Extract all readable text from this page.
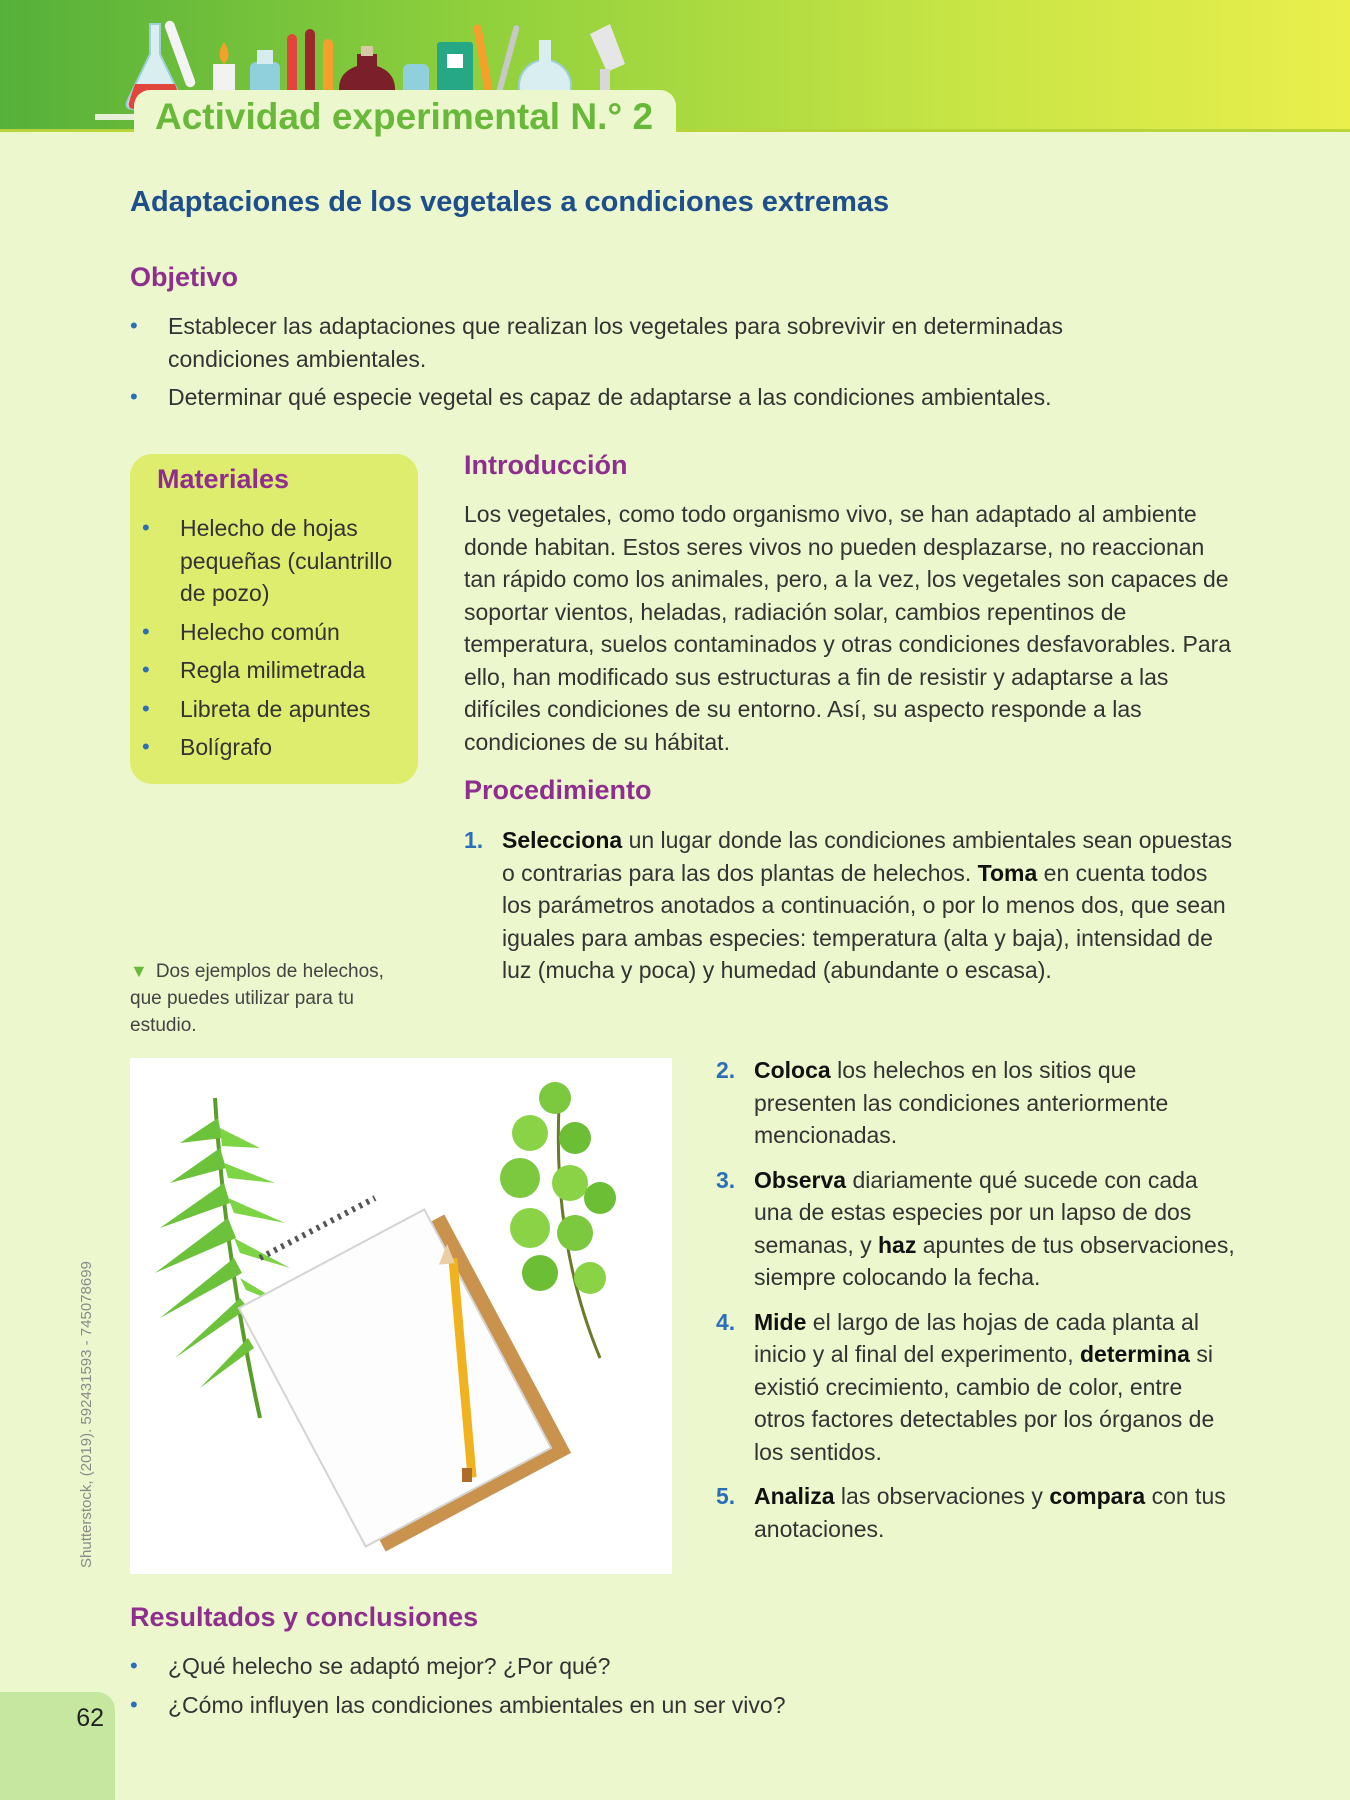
Actividad experimental N.° 2
Adaptaciones de los vegetales a condiciones extremas
Objetivo
• Establecer las adaptaciones que realizan los vegetales para sobrevivir en determinadas condiciones ambientales.
• Determinar qué especie vegetal es capaz de adaptarse a las condiciones ambientales.
Materiales
• Helecho de hojas pequeñas (culantrillo de pozo)
• Helecho común
• Regla milimetrada
• Libreta de apuntes
• Bolígrafo
Introducción

Los vegetales, como todo organismo vivo, se han adaptado al ambiente donde habitan. Estos seres vivos no pueden desplazarse, no reaccionan tan rápido como los animales, pero, a la vez, los vegetales son capaces de soportar vientos, heladas, radiación solar, cambios repentinos de temperatura, suelos contaminados y otras condiciones desfavorables. Para ello, han modificado sus estructuras a fin de resistir y adaptarse a las difíciles condiciones de su entorno. Así, su aspecto responde a las condiciones de su hábitat.

Procedimiento
1. Selecciona un lugar donde las condiciones ambientales sean opuestas o contrarias para las dos plantas de helechos. Toma en cuenta todos los parámetros anotados a continuación, o por lo menos dos, que sean iguales para ambas especies: temperatura (alta y baja), intensidad de luz (mucha y poca) y humedad (abundante o escasa).
2. Coloca los helechos en los sitios que presenten las condiciones anteriormente mencionadas.
3. Observa diariamente qué sucede con cada una de estas especies por un lapso de dos semanas, y haz apuntes de tus observaciones, siempre colocando la fecha.
4. Mide el largo de las hojas de cada planta al inicio y al final del experimento, determina si existió crecimiento, cambio de color, entre otros factores detectables por los órganos de los sentidos.
5. Analiza las observaciones y compara con tus anotaciones.
▼ Dos ejemplos de helechos, que puedes utilizar para tu estudio.
Shutterstock, (2019). 592431593 - 745078699
Resultados y conclusiones
• ¿Qué helecho se adaptó mejor? ¿Por qué?
• ¿Cómo influyen las condiciones ambientales en un ser vivo?
62
